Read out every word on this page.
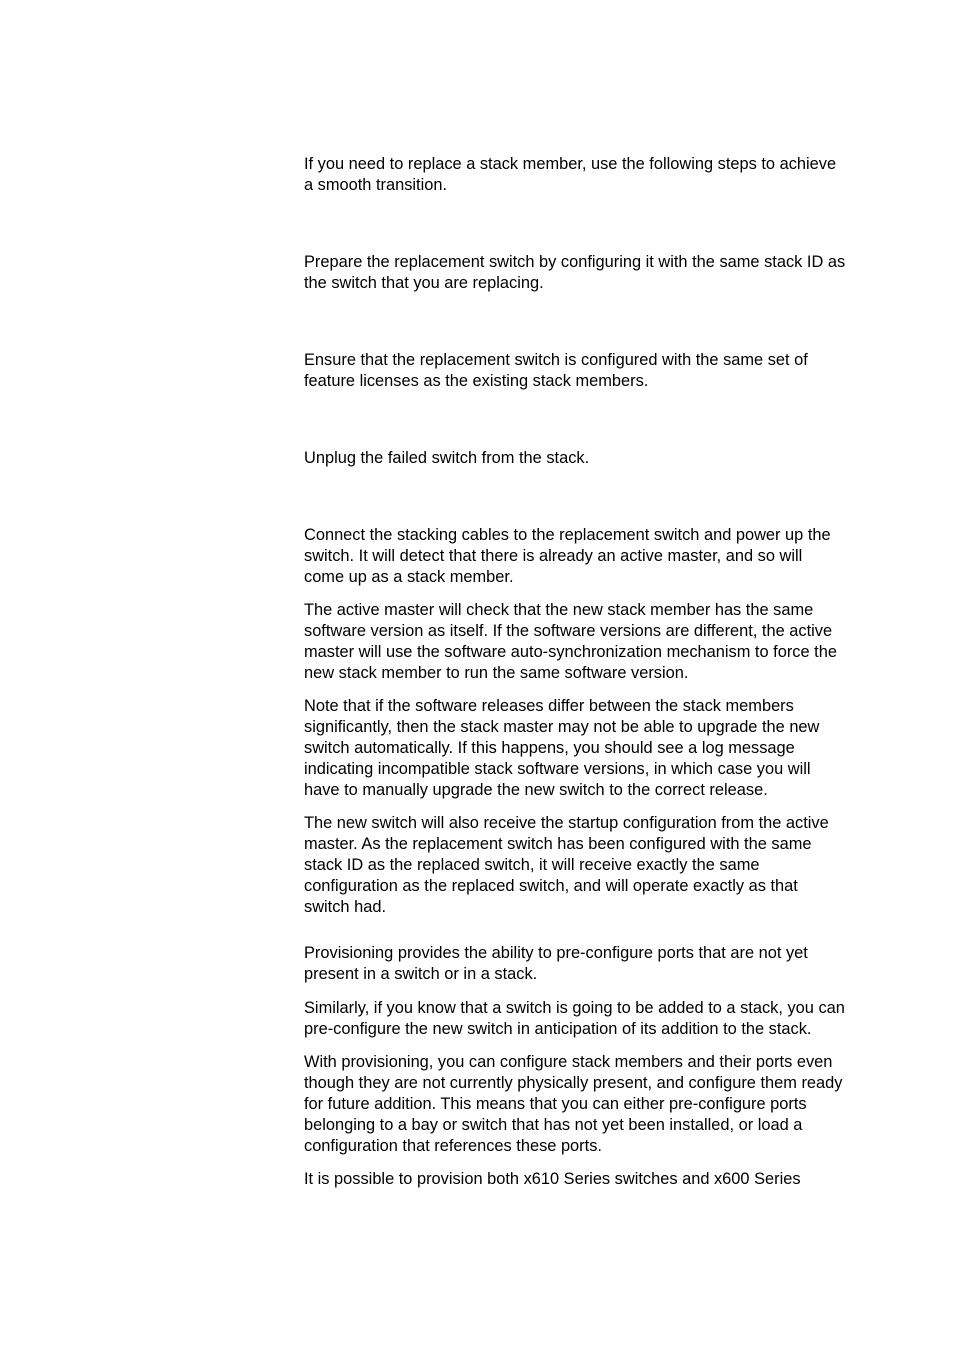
If you need to replace a stack member, use the following steps to achieve
a smooth transition.

Prepare the replacement switch by configuring it with the same stack ID as
the switch that you are replacing.

Ensure that the replacement switch is configured with the same set of
feature licenses as the existing stack members.

Unplug the failed switch from the stack.

Connect the stacking cables to the replacement switch and power up the
switch. It will detect that there is already an active master, and so will
come up as a stack member.

The active master will check that the new stack member has the same
software version as itself. If the software versions are different, the active
master will use the software auto-synchronization mechanism to force the
new stack member to run the same software version.

Note that if the software releases differ between the stack members
significantly, then the stack master may not be able to upgrade the new
switch automatically. If this happens, you should see a log message
indicating incompatible stack software versions, in which case you will
have to manually upgrade the new switch to the correct release.

The new switch will also receive the startup configuration from the active
master. As the replacement switch has been configured with the same
stack ID as the replaced switch, it will receive exactly the same
configuration as the replaced switch, and will operate exactly as that
switch had.

Provisioning provides the ability to pre-configure ports that are not yet
present in a switch or in a stack.

Similarly, if you know that a switch is going to be added to a stack, you can
pre-configure the new switch in anticipation of its addition to the stack.

With provisioning, you can configure stack members and their ports even
though they are not currently physically present, and configure them ready
for future addition. This means that you can either pre-configure ports
belonging to a bay or switch that has not yet been installed, or load a
configuration that references these ports.

It is possible to provision both x610 Series switches and x600 Series
